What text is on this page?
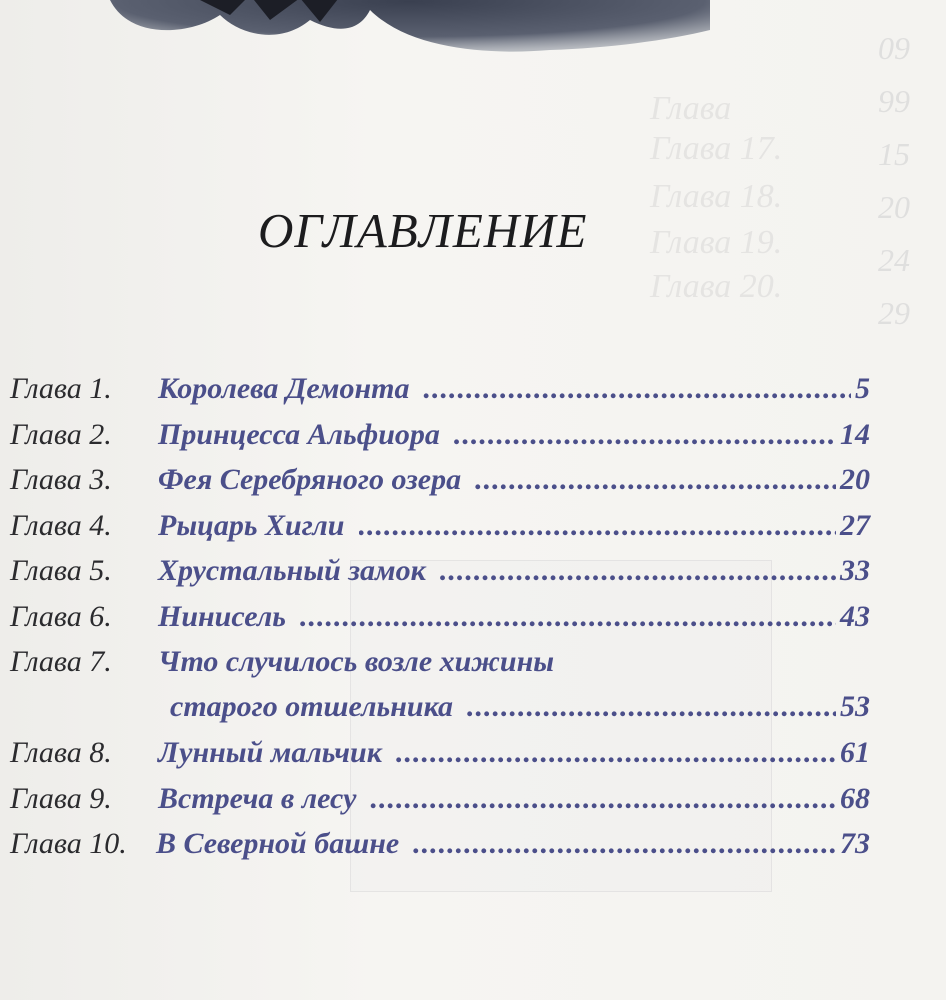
09
99
15
20
24
29
Глава
Глава 17.
Глава 18.
Глава 19.
Глава 20.
ОГЛАВЛЕНИЕ
Глава 1. Королева Демонта .....	5
Глава 2. Принцесса Альфиора .....	14
Глава 3. Фея Серебряного озера .....	20
Глава 4. Рыцарь Хигли .....	27
Глава 5. Хрустальный замок .....	33
Глава 6. Нинисель .....	43
Глава 7. Что случилось возле хижины
старого отшельника .....	53
Глава 8. Лунный мальчик .....	61
Глава 9. Встреча в лесу .....	68
Глава 10. В Северной башне .....	73
